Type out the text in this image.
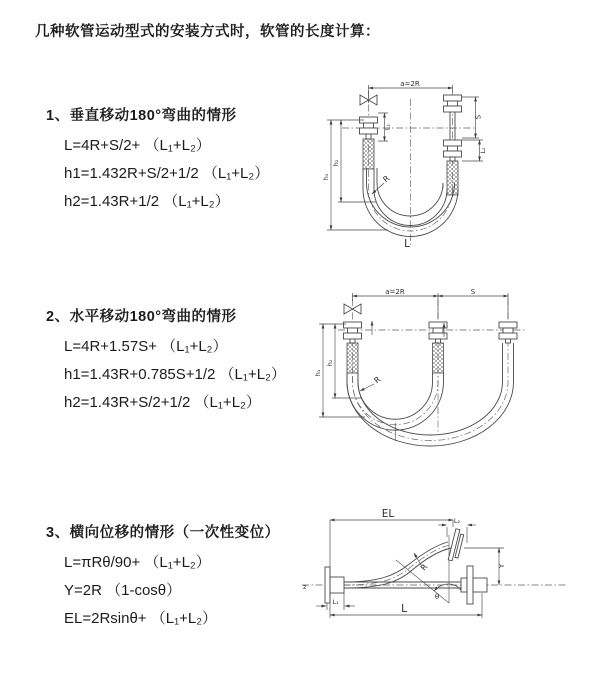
几种软管运动型式的安装方式时，软管的长度计算：
1、垂直移动180°弯曲的情形
L=4R+S/2+ （L₁+L₂）
h1=1.432R+S/2+1/2 （L₁+L₂）
h2=1.43R+1/2 （L₁+L₂）
a=2R
S
L₂
L₁
h₁
h₂
R
L
2、水平移动180°弯曲的情形
L=4R+1.57S+ （L₁+L₂）
h1=1.43R+0.785S+1/2 （L₁+L₂）
h2=1.43R+S/2+1/2 （L₁+L₂）
a=2R	S
h₁
h₂
R
3、横向位移的情形（一次性变位）
L=πRθ/90+ （L₁+L₂）
Y=2R （1-cosθ）
EL=2Rsinθ+ （L₁+L₂）
z
θ
EL
L₂
Y
R
L₁
L
